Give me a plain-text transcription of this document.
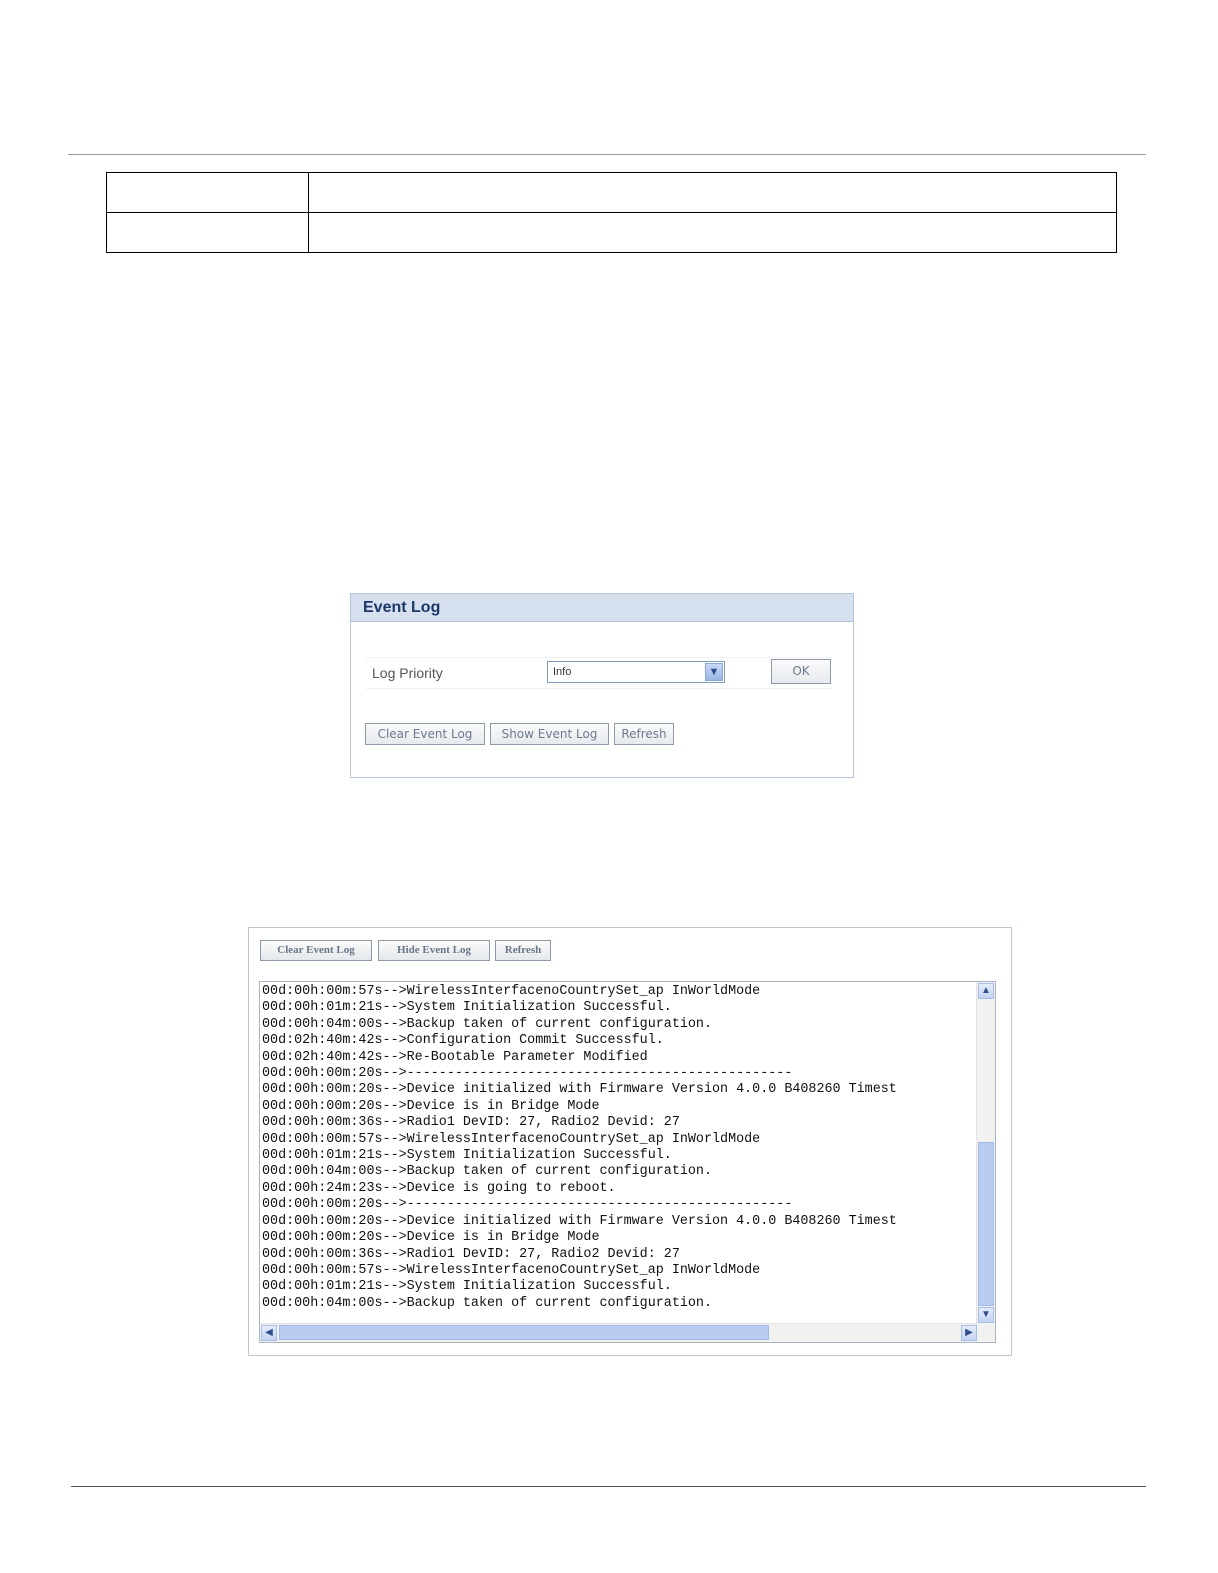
Event Log
Log Priority	Info	▼	OK
Clear Event Log	Show Event Log	Refresh
Clear Event Log	Hide Event Log	Refresh
00d:00h:00m:57s-->WirelessInterfacenoCountrySet_ap InWorldMode
00d:00h:01m:21s-->System Initialization Successful.
00d:00h:04m:00s-->Backup taken of current configuration.
00d:02h:40m:42s-->Configuration Commit Successful.
00d:02h:40m:42s-->Re-Bootable Parameter Modified
00d:00h:00m:20s-->------------------------------------------------
00d:00h:00m:20s-->Device initialized with Firmware Version 4.0.0 B408260 Timest
00d:00h:00m:20s-->Device is in Bridge Mode
00d:00h:00m:36s-->Radio1 DevID: 27, Radio2 Devid: 27
00d:00h:00m:57s-->WirelessInterfacenoCountrySet_ap InWorldMode
00d:00h:01m:21s-->System Initialization Successful.
00d:00h:04m:00s-->Backup taken of current configuration.
00d:00h:24m:23s-->Device is going to reboot.
00d:00h:00m:20s-->------------------------------------------------
00d:00h:00m:20s-->Device initialized with Firmware Version 4.0.0 B408260 Timest
00d:00h:00m:20s-->Device is in Bridge Mode
00d:00h:00m:36s-->Radio1 DevID: 27, Radio2 Devid: 27
00d:00h:00m:57s-->WirelessInterfacenoCountrySet_ap InWorldMode
00d:00h:01m:21s-->System Initialization Successful.
00d:00h:04m:00s-->Backup taken of current configuration.
▲
▼
◀	▶
